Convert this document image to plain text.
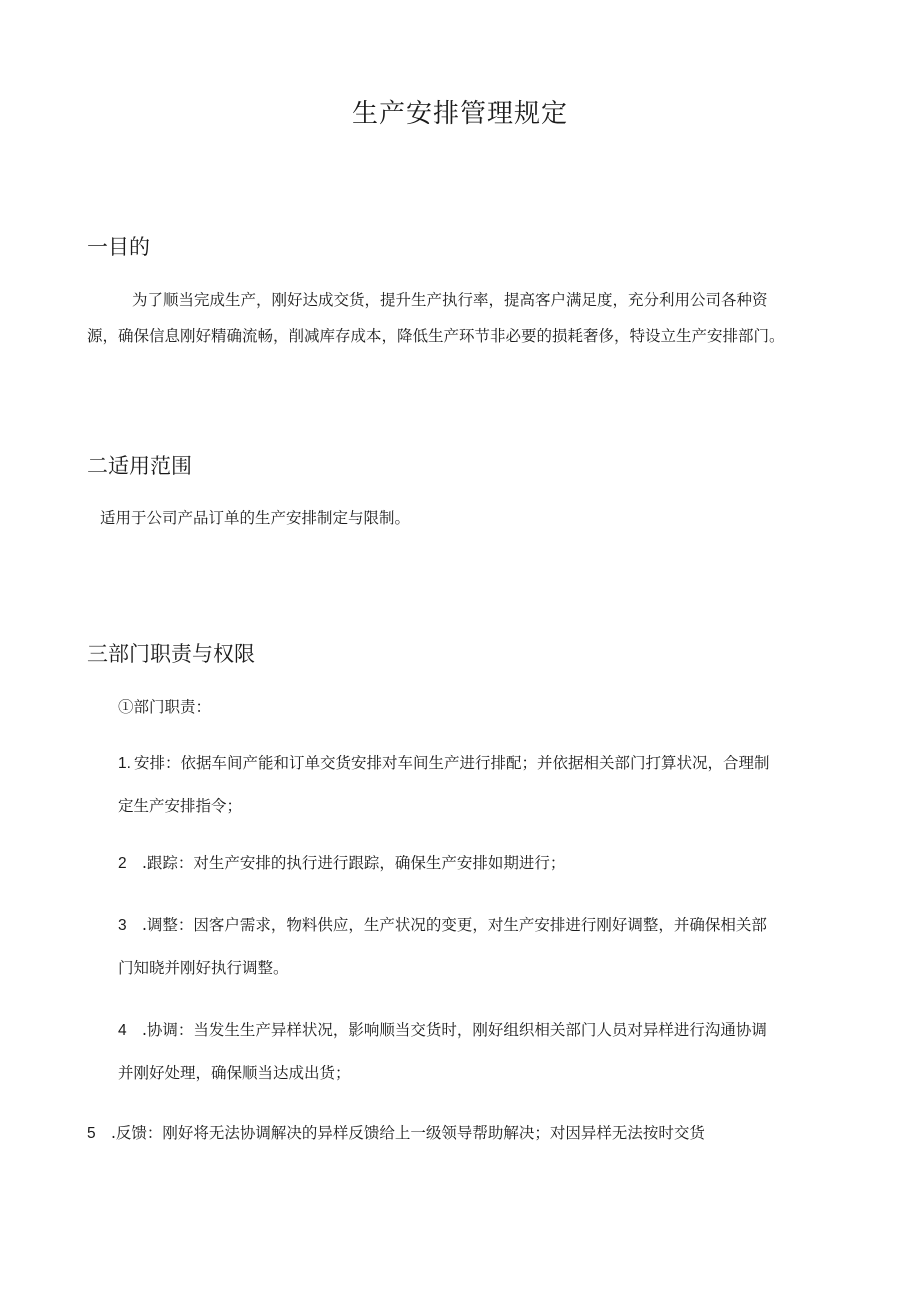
生产安排管理规定
一目的

为了顺当完成生产，刚好达成交货，提升生产执行率，提高客户满足度，充分利用公司各种资
源，确保信息刚好精确流畅，削减库存成本，降低生产环节非必要的损耗奢侈，特设立生产安排部门。

二适用范围

适用于公司产品订单的生产安排制定与限制。

三部门职责与权限

①部门职责：

1. 安排：依据车间产能和订单交货安排对车间生产进行排配；并依据相关部门打算状况，合理制
定生产安排指令；
2 .跟踪：对生产安排的执行进行跟踪，确保生产安排如期进行；
3 .调整：因客户需求，物料供应，生产状况的变更，对生产安排进行刚好调整，并确保相关部
门知晓并刚好执行调整。
4 .协调：当发生生产异样状况，影响顺当交货时，刚好组织相关部门人员对异样进行沟通协调
并刚好处理，确保顺当达成出货；
5 .反馈：刚好将无法协调解决的异样反馈给上一级领导帮助解决；对因异样无法按时交货
